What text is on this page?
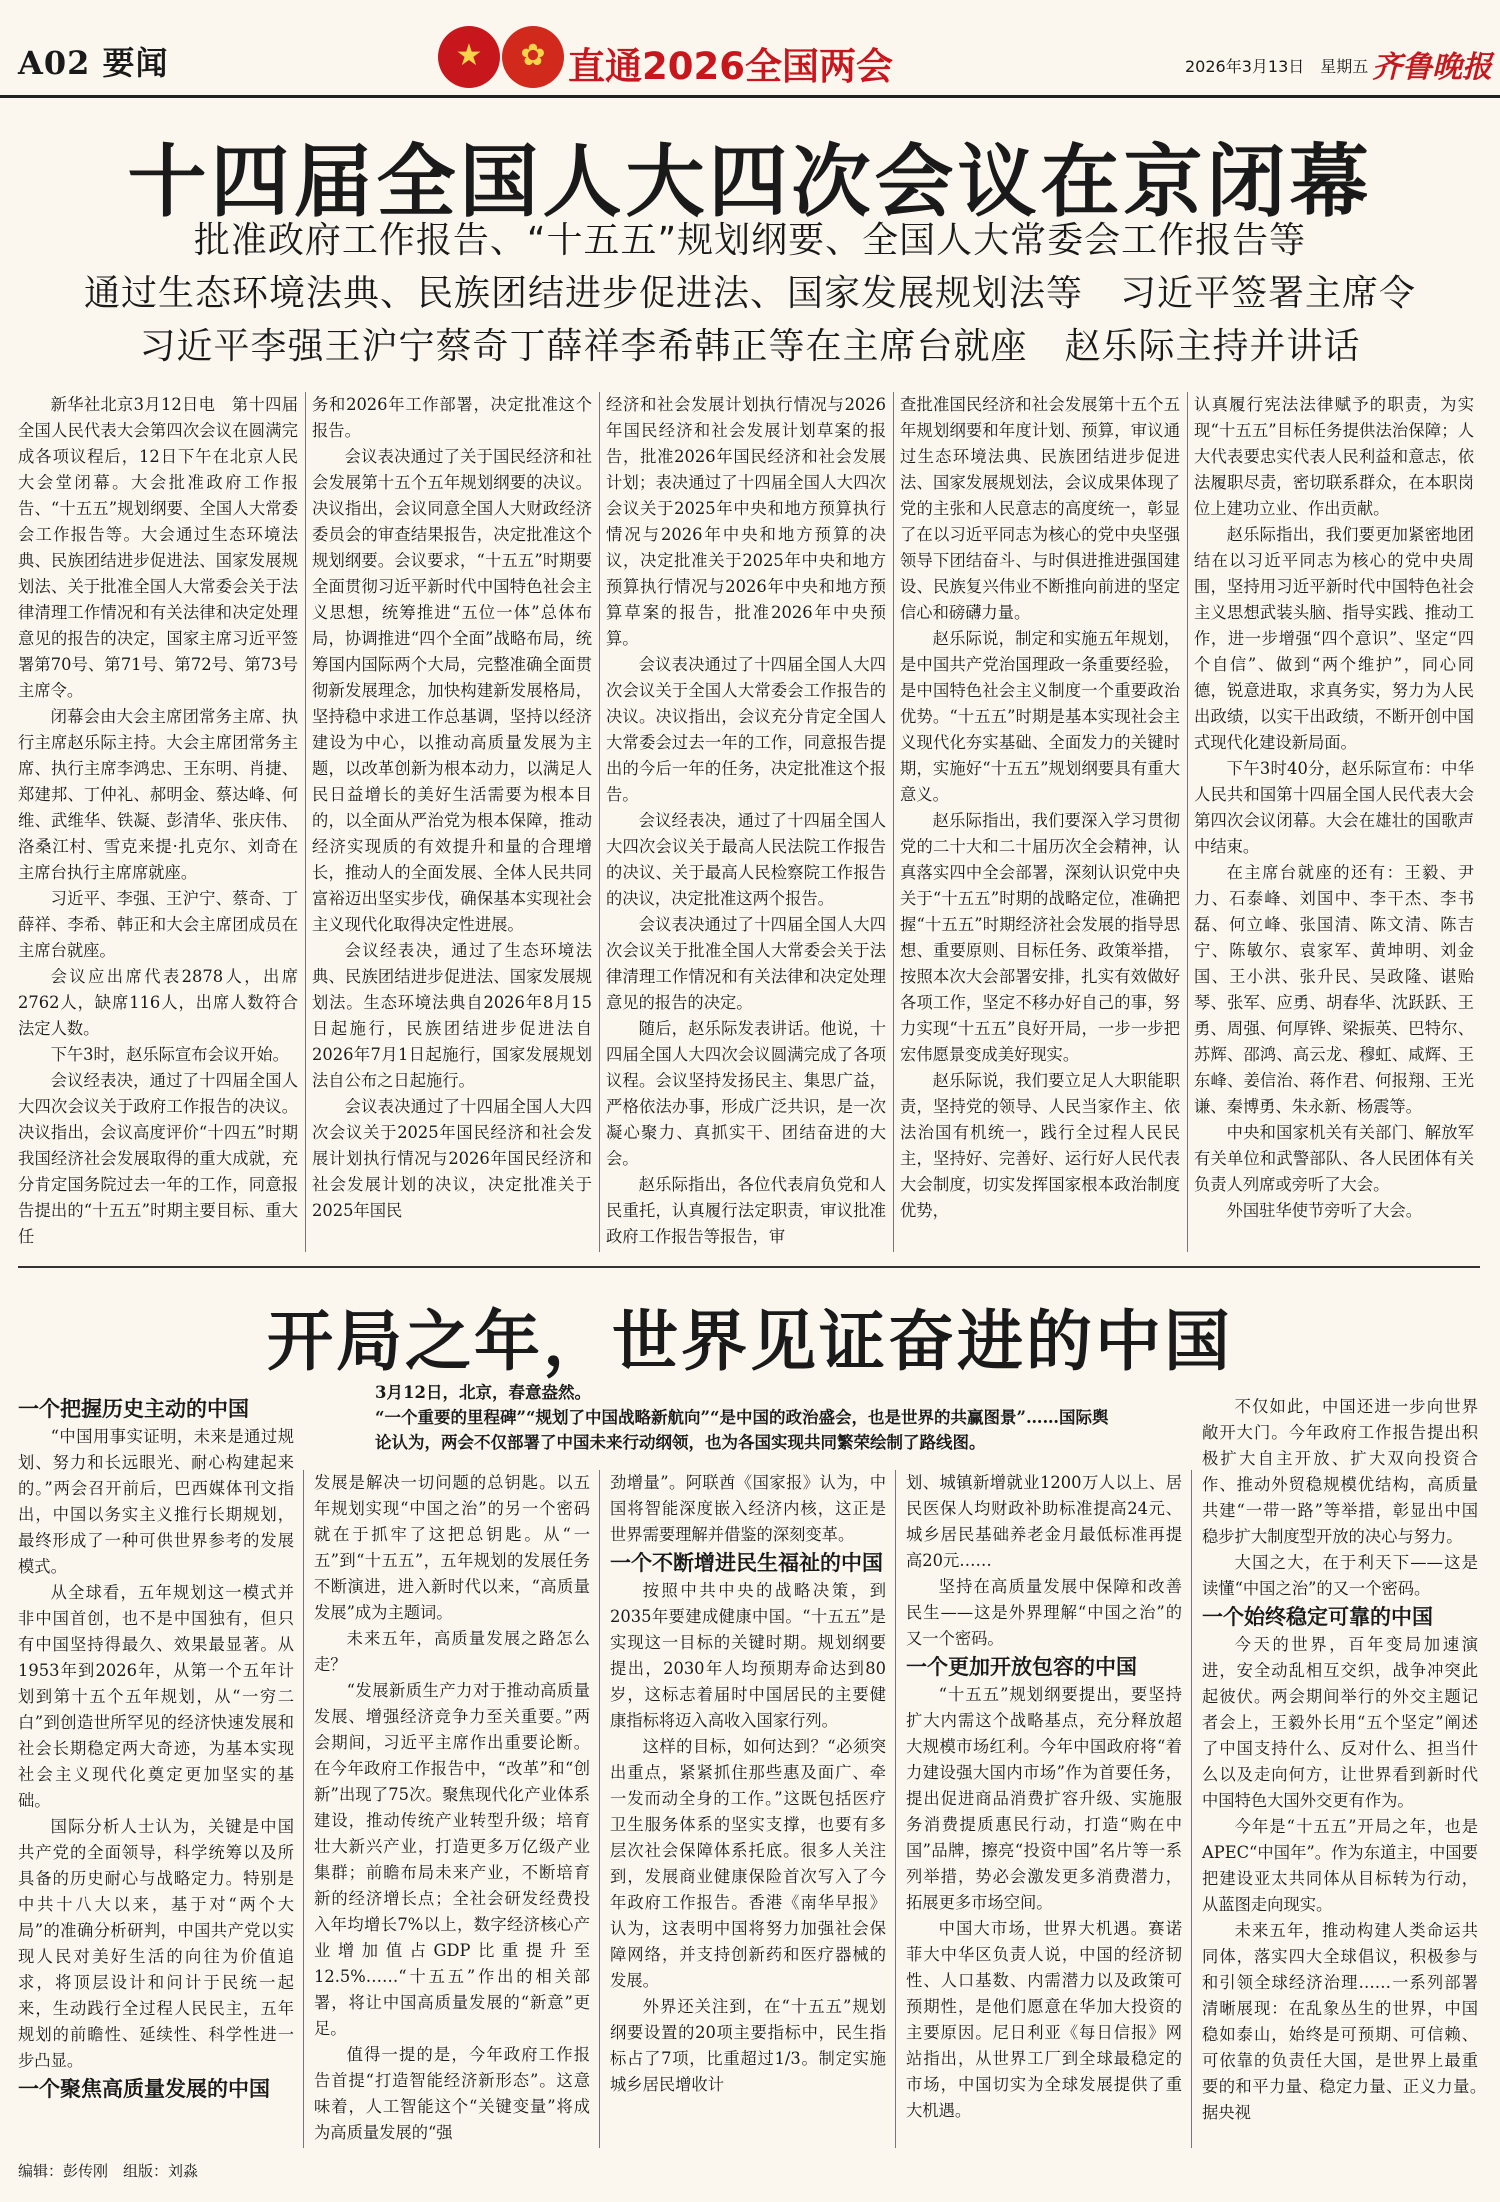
A02 要闻 ★ ✿	直通2026全国两会	2026年3月13日　星期五 齐鲁晚报
十四届全国人大四次会议在京闭幕
批准政府工作报告、“十五五”规划纲要、全国人大常委会工作报告等
通过生态环境法典、民族团结进步促进法、国家发展规划法等　习近平签署主席令
习近平李强王沪宁蔡奇丁薛祥李希韩正等在主席台就座　赵乐际主持并讲话

新华社北京3月12日电　第十四届全国人民代表大会第四次会议在圆满完成各项议程后，12日下午在北京人民大会堂闭幕。大会批准政府工作报告、“十五五”规划纲要、全国人大常委会工作报告等。大会通过生态环境法典、民族团结进步促进法、国家发展规划法、关于批准全国人大常委会关于法律清理工作情况和有关法律和决定处理意见的报告的决定，国家主席习近平签署第70号、第71号、第72号、第73号主席令。

闭幕会由大会主席团常务主席、执行主席赵乐际主持。大会主席团常务主席、执行主席李鸿忠、王东明、肖捷、郑建邦、丁仲礼、郝明金、蔡达峰、何维、武维华、铁凝、彭清华、张庆伟、洛桑江村、雪克来提·扎克尔、刘奇在主席台执行主席席就座。

习近平、李强、王沪宁、蔡奇、丁薛祥、李希、韩正和大会主席团成员在主席台就座。

会议应出席代表2878人，出席2762人，缺席116人，出席人数符合法定人数。

下午3时，赵乐际宣布会议开始。

会议经表决，通过了十四届全国人大四次会议关于政府工作报告的决议。决议指出，会议高度评价“十四五”时期我国经济社会发展取得的重大成就，充分肯定国务院过去一年的工作，同意报告提出的“十五五”时期主要目标、重大任

务和2026年工作部署，决定批准这个报告。

会议表决通过了关于国民经济和社会发展第十五个五年规划纲要的决议。决议指出，会议同意全国人大财政经济委员会的审查结果报告，决定批准这个规划纲要。会议要求，“十五五”时期要全面贯彻习近平新时代中国特色社会主义思想，统筹推进“五位一体”总体布局，协调推进“四个全面”战略布局，统筹国内国际两个大局，完整准确全面贯彻新发展理念，加快构建新发展格局，坚持稳中求进工作总基调，坚持以经济建设为中心，以推动高质量发展为主题，以改革创新为根本动力，以满足人民日益增长的美好生活需要为根本目的，以全面从严治党为根本保障，推动经济实现质的有效提升和量的合理增长，推动人的全面发展、全体人民共同富裕迈出坚实步伐，确保基本实现社会主义现代化取得决定性进展。

会议经表决，通过了生态环境法典、民族团结进步促进法、国家发展规划法。生态环境法典自2026年8月15日起施行，民族团结进步促进法自2026年7月1日起施行，国家发展规划法自公布之日起施行。

会议表决通过了十四届全国人大四次会议关于2025年国民经济和社会发展计划执行情况与2026年国民经济和社会发展计划的决议，决定批准关于2025年国民

经济和社会发展计划执行情况与2026年国民经济和社会发展计划草案的报告，批准2026年国民经济和社会发展计划；表决通过了十四届全国人大四次会议关于2025年中央和地方预算执行情况与2026年中央和地方预算的决议，决定批准关于2025年中央和地方预算执行情况与2026年中央和地方预算草案的报告，批准2026年中央预算。

会议表决通过了十四届全国人大四次会议关于全国人大常委会工作报告的决议。决议指出，会议充分肯定全国人大常委会过去一年的工作，同意报告提出的今后一年的任务，决定批准这个报告。

会议经表决，通过了十四届全国人大四次会议关于最高人民法院工作报告的决议、关于最高人民检察院工作报告的决议，决定批准这两个报告。

会议表决通过了十四届全国人大四次会议关于批准全国人大常委会关于法律清理工作情况和有关法律和决定处理意见的报告的决定。

随后，赵乐际发表讲话。他说，十四届全国人大四次会议圆满完成了各项议程。会议坚持发扬民主、集思广益，严格依法办事，形成广泛共识，是一次凝心聚力、真抓实干、团结奋进的大会。

赵乐际指出，各位代表肩负党和人民重托，认真履行法定职责，审议批准政府工作报告等报告，审

查批准国民经济和社会发展第十五个五年规划纲要和年度计划、预算，审议通过生态环境法典、民族团结进步促进法、国家发展规划法，会议成果体现了党的主张和人民意志的高度统一，彰显了在以习近平同志为核心的党中央坚强领导下团结奋斗、与时俱进推进强国建设、民族复兴伟业不断推向前进的坚定信心和磅礴力量。

赵乐际说，制定和实施五年规划，是中国共产党治国理政一条重要经验，是中国特色社会主义制度一个重要政治优势。“十五五”时期是基本实现社会主义现代化夯实基础、全面发力的关键时期，实施好“十五五”规划纲要具有重大意义。

赵乐际指出，我们要深入学习贯彻党的二十大和二十届历次全会精神，认真落实四中全会部署，深刻认识党中央关于“十五五”时期的战略定位，准确把握“十五五”时期经济社会发展的指导思想、重要原则、目标任务、政策举措，按照本次大会部署安排，扎实有效做好各项工作，坚定不移办好自己的事，努力实现“十五五”良好开局，一步一步把宏伟愿景变成美好现实。

赵乐际说，我们要立足人大职能职责，坚持党的领导、人民当家作主、依法治国有机统一，践行全过程人民民主，坚持好、完善好、运行好人民代表大会制度，切实发挥国家根本政治制度优势，

认真履行宪法法律赋予的职责，为实现“十五五”目标任务提供法治保障；人大代表要忠实代表人民利益和意志，依法履职尽责，密切联系群众，在本职岗位上建功立业、作出贡献。

赵乐际指出，我们要更加紧密地团结在以习近平同志为核心的党中央周围，坚持用习近平新时代中国特色社会主义思想武装头脑、指导实践、推动工作，进一步增强“四个意识”、坚定“四个自信”、做到“两个维护”，同心同德，锐意进取，求真务实，努力为人民出政绩，以实干出政绩，不断开创中国式现代化建设新局面。

下午3时40分，赵乐际宣布：中华人民共和国第十四届全国人民代表大会第四次会议闭幕。大会在雄壮的国歌声中结束。

在主席台就座的还有：王毅、尹力、石泰峰、刘国中、李干杰、李书磊、何立峰、张国清、陈文清、陈吉宁、陈敏尔、袁家军、黄坤明、刘金国、王小洪、张升民、吴政隆、谌贻琴、张军、应勇、胡春华、沈跃跃、王勇、周强、何厚铧、梁振英、巴特尔、苏辉、邵鸿、高云龙、穆虹、咸辉、王东峰、姜信治、蒋作君、何报翔、王光谦、秦博勇、朱永新、杨震等。

中央和国家机关有关部门、解放军有关单位和武警部队、各人民团体有关负责人列席或旁听了大会。

外国驻华使节旁听了大会。

开局之年，世界见证奋进的中国
3月12日，北京，春意盎然。
“一个重要的里程碑”“规划了中国战略新航向”“是中国的政治盛会，也是世界的共赢图景”……国际舆论认为，两会不仅部署了中国未来行动纲领，也为各国实现共同繁荣绘制了路线图。

一个把握历史主动的中国

“中国用事实证明，未来是通过规划、努力和长远眼光、耐心构建起来的。”两会召开前后，巴西媒体刊文指出，中国以务实主义推行长期规划，最终形成了一种可供世界参考的发展模式。

从全球看，五年规划这一模式并非中国首创，也不是中国独有，但只有中国坚持得最久、效果最显著。从1953年到2026年，从第一个五年计划到第十五个五年规划，从“一穷二白”到创造世所罕见的经济快速发展和社会长期稳定两大奇迹，为基本实现社会主义现代化奠定更加坚实的基础。

国际分析人士认为，关键是中国共产党的全面领导，科学统筹以及所具备的历史耐心与战略定力。特别是中共十八大以来，基于对“两个大局”的准确分析研判，中国共产党以实现人民对美好生活的向往为价值追求，将顶层设计和问计于民统一起来，生动践行全过程人民民主，五年规划的前瞻性、延续性、科学性进一步凸显。

一个聚焦高质量发展的中国

发展是解决一切问题的总钥匙。以五年规划实现“中国之治”的另一个密码就在于抓牢了这把总钥匙。从“一五”到“十五五”，五年规划的发展任务不断演进，进入新时代以来，“高质量发展”成为主题词。

未来五年，高质量发展之路怎么走？

“发展新质生产力对于推动高质量发展、增强经济竞争力至关重要。”两会期间，习近平主席作出重要论断。在今年政府工作报告中，“改革”和“创新”出现了75次。聚焦现代化产业体系建设，推动传统产业转型升级；培育壮大新兴产业，打造更多万亿级产业集群；前瞻布局未来产业，不断培育新的经济增长点；全社会研发经费投入年均增长7%以上，数字经济核心产业增加值占GDP比重提升至12.5%……“十五五”作出的相关部署，将让中国高质量发展的“新意”更足。

值得一提的是，今年政府工作报告首提“打造智能经济新形态”。这意味着，人工智能这个“关键变量”将成为高质量发展的“强

劲增量”。阿联酋《国家报》认为，中国将智能深度嵌入经济内核，这正是世界需要理解并借鉴的深刻变革。

一个不断增进民生福祉的中国

按照中共中央的战略决策，到2035年要建成健康中国。“十五五”是实现这一目标的关键时期。规划纲要提出，2030年人均预期寿命达到80岁，这标志着届时中国居民的主要健康指标将迈入高收入国家行列。

这样的目标，如何达到？“必须突出重点，紧紧抓住那些惠及面广、牵一发而动全身的工作。”这既包括医疗卫生服务体系的坚实支撑，也要有多层次社会保障体系托底。很多人关注到，发展商业健康保险首次写入了今年政府工作报告。香港《南华早报》认为，这表明中国将努力加强社会保障网络，并支持创新药和医疗器械的发展。

外界还关注到，在“十五五”规划纲要设置的20项主要指标中，民生指标占了7项，比重超过1/3。制定实施城乡居民增收计

划、城镇新增就业1200万人以上、居民医保人均财政补助标准提高24元、城乡居民基础养老金月最低标准再提高20元……

坚持在高质量发展中保障和改善民生——这是外界理解“中国之治”的又一个密码。

一个更加开放包容的中国

“十五五”规划纲要提出，要坚持扩大内需这个战略基点，充分释放超大规模市场红利。今年中国政府将“着力建设强大国内市场”作为首要任务，提出促进商品消费扩容升级、实施服务消费提质惠民行动，打造“购在中国”品牌，擦亮“投资中国”名片等一系列举措，势必会激发更多消费潜力，拓展更多市场空间。

中国大市场，世界大机遇。赛诺菲大中华区负责人说，中国的经济韧性、人口基数、内需潜力以及政策可预期性，是他们愿意在华加大投资的主要原因。尼日利亚《每日信报》网站指出，从世界工厂到全球最稳定的市场，中国切实为全球发展提供了重大机遇。

不仅如此，中国还进一步向世界敞开大门。今年政府工作报告提出积极扩大自主开放、扩大双向投资合作、推动外贸稳规模优结构，高质量共建“一带一路”等举措，彰显出中国稳步扩大制度型开放的决心与努力。

大国之大，在于利天下——这是读懂“中国之治”的又一个密码。

一个始终稳定可靠的中国

今天的世界，百年变局加速演进，安全动乱相互交织，战争冲突此起彼伏。两会期间举行的外交主题记者会上，王毅外长用“五个坚定”阐述了中国支持什么、反对什么、担当什么以及走向何方，让世界看到新时代中国特色大国外交更有作为。

今年是“十五五”开局之年，也是APEC“中国年”。作为东道主，中国要把建设亚太共同体从目标转为行动，从蓝图走向现实。

未来五年，推动构建人类命运共同体，落实四大全球倡议，积极参与和引领全球经济治理……一系列部署清晰展现：在乱象丛生的世界，中国稳如泰山，始终是可预期、可信赖、可依靠的负责任大国，是世界上最重要的和平力量、稳定力量、正义力量。　据央视

编辑：彭传刚　组版：刘淼
